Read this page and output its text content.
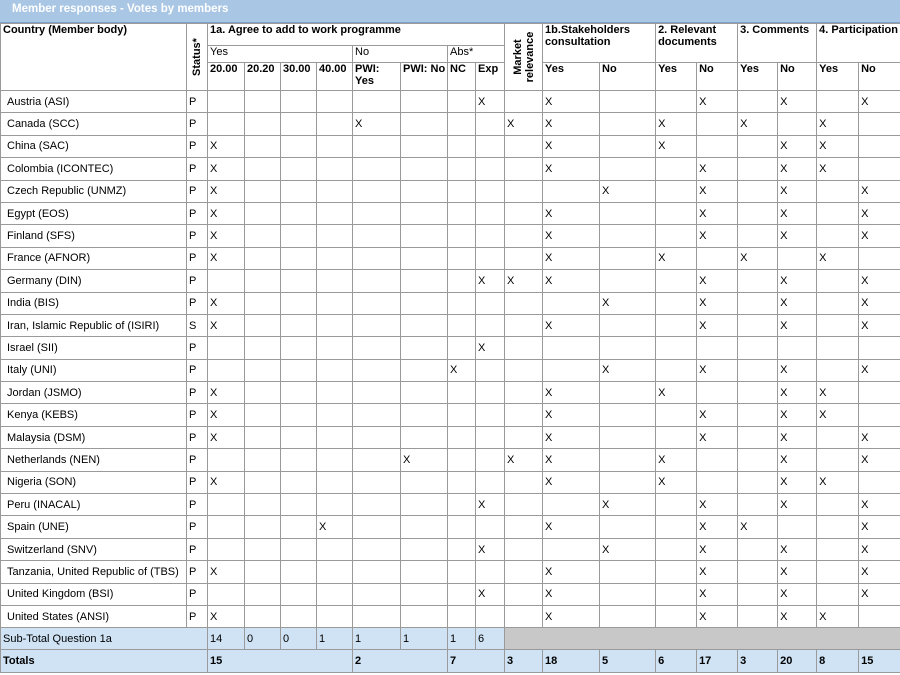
Member responses - Votes by members
Country (Member body)	Status*	1a. Agree to add to work programme								Market relevance	1b.Stakeholders consultation		2. Relevant documents		3. Comments		4. Participation	
		Yes				No		Abs*										
		20.00	20.20	30.00	40.00	PWI: Yes	PWI: No	NC	Exp		Yes	No	Yes	No	Yes	No	Yes	No
Austria (ASI)	P								X		X			X		X		X
Canada (SCC)	P					X				X	X		X		X		X	
China (SAC)	P	X									X		X			X	X	
Colombia (ICONTEC)	P	X									X			X		X	X	
Czech Republic (UNMZ)	P	X										X		X		X		X
Egypt (EOS)	P	X									X			X		X		X
Finland (SFS)	P	X									X			X		X		X
France (AFNOR)	P	X									X		X		X		X	
Germany (DIN)	P								X	X	X			X		X		X
India (BIS)	P	X										X		X		X		X
Iran, Islamic Republic of (ISIRI)	S	X									X			X		X		X
Israel (SII)	P								X									
Italy (UNI)	P							X				X		X		X		X
Jordan (JSMO)	P	X									X		X			X	X	
Kenya (KEBS)	P	X									X			X		X	X	
Malaysia (DSM)	P	X									X			X		X		X
Netherlands (NEN)	P						X			X	X		X			X		X
Nigeria (SON)	P	X									X		X			X	X	
Peru (INACAL)	P								X			X		X		X		X
Spain (UNE)	P				X						X			X	X			X
Switzerland (SNV)	P								X			X		X		X		X
Tanzania, United Republic of (TBS)	P	X									X			X		X		X
United Kingdom (BSI)	P								X		X			X		X		X
United States (ANSI)	P	X									X			X		X	X	
Sub-Total Question 1a		14	0	0	1	1	1	1	6									
Totals		15				2		7		3	18	5	6	17	3	20	8	15
